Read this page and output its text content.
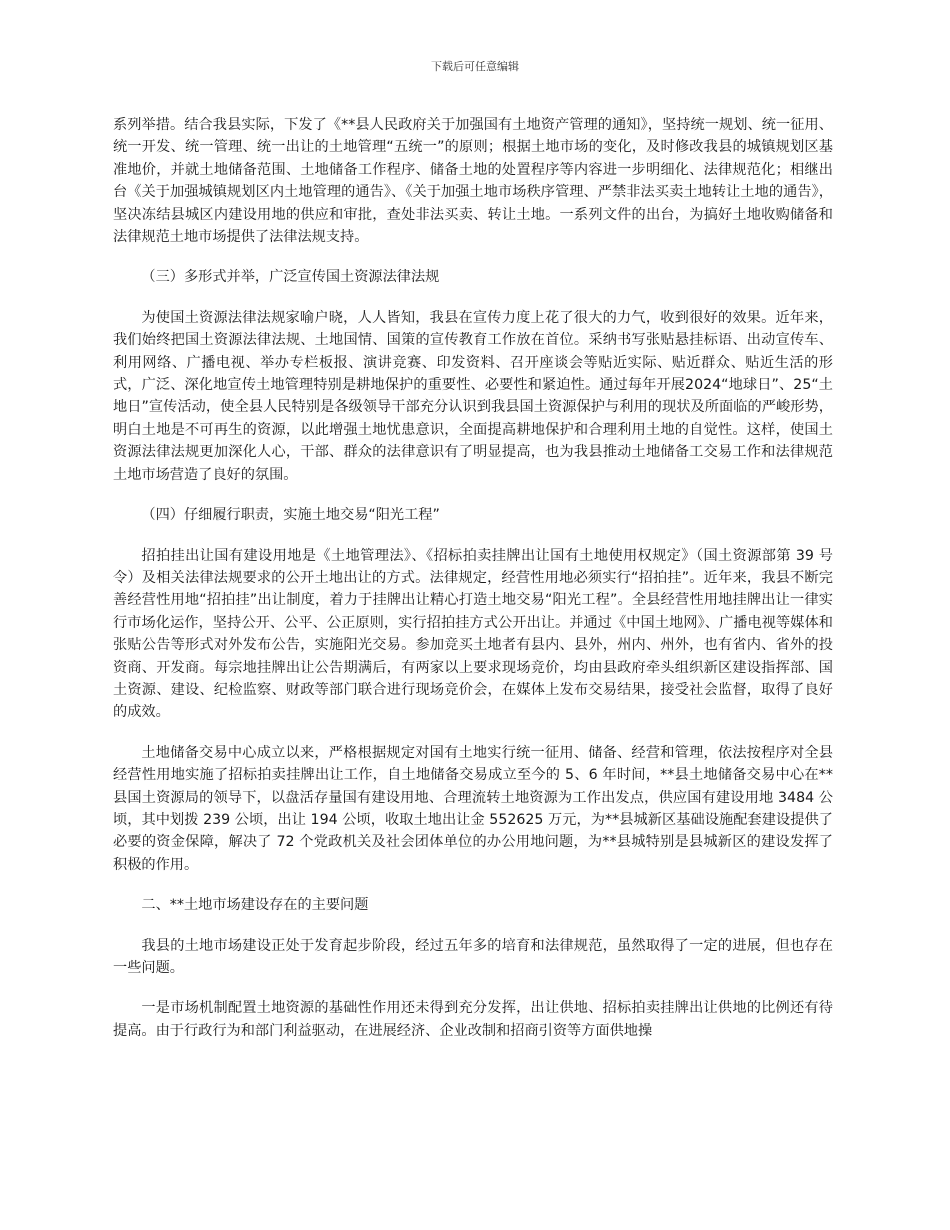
下载后可任意编辑

系列举措。结合我县实际，下发了《**县人民政府关于加强国有土地资产管理的通知》，坚持统一规划、统一征用、统一开发、统一管理、统一出让的土地管理“五统一”的原则；根据土地市场的变化，及时修改我县的城镇规划区基准地价，并就土地储备范围、土地储备工作程序、储备土地的处置程序等内容进一步明细化、法律规范化；相继出台《关于加强城镇规划区内土地管理的通告》、《关于加强土地市场秩序管理、严禁非法买卖土地转让土地的通告》，坚决冻结县城区内建设用地的供应和审批，查处非法买卖、转让土地。一系列文件的出台，为搞好土地收购储备和法律规范土地市场提供了法律法规支持。

（三）多形式并举，广泛宣传国土资源法律法规

为使国土资源法律法规家喻户晓，人人皆知，我县在宣传力度上花了很大的力气，收到很好的效果。近年来，我们始终把国土资源法律法规、土地国情、国策的宣传教育工作放在首位。采纳书写张贴悬挂标语、出动宣传车、利用网络、广播电视、举办专栏板报、演讲竞赛、印发资料、召开座谈会等贴近实际、贴近群众、贴近生活的形式，广泛、深化地宣传土地管理特别是耕地保护的重要性、必要性和紧迫性。通过每年开展2024“地球日”、25“土地日”宣传活动，使全县人民特别是各级领导干部充分认识到我县国土资源保护与利用的现状及所面临的严峻形势，明白土地是不可再生的资源，以此增强土地忧患意识，全面提高耕地保护和合理利用土地的自觉性。这样，使国土资源法律法规更加深化人心，干部、群众的法律意识有了明显提高，也为我县推动土地储备工交易工作和法律规范土地市场营造了良好的氛围。

（四）仔细履行职责，实施土地交易“阳光工程”

招拍挂出让国有建设用地是《土地管理法》、《招标拍卖挂牌出让国有土地使用权规定》（国土资源部第 39 号令）及相关法律法规要求的公开土地出让的方式。法律规定，经营性用地必须实行“招拍挂”。近年来，我县不断完善经营性用地“招拍挂”出让制度，着力于挂牌出让精心打造土地交易“阳光工程”。全县经营性用地挂牌出让一律实行市场化运作，坚持公开、公平、公正原则，实行招拍挂方式公开出让。并通过《中国土地网》、广播电视等媒体和张贴公告等形式对外发布公告，实施阳光交易。参加竞买土地者有县内、县外，州内、州外，也有省内、省外的投资商、开发商。每宗地挂牌出让公告期满后，有两家以上要求现场竞价，均由县政府牵头组织新区建设指挥部、国土资源、建设、纪检监察、财政等部门联合进行现场竞价会，在媒体上发布交易结果，接受社会监督，取得了良好的成效。

土地储备交易中心成立以来，严格根据规定对国有土地实行统一征用、储备、经营和管理，依法按程序对全县经营性用地实施了招标拍卖挂牌出让工作，自土地储备交易成立至今的 5、6 年时间，**县土地储备交易中心在**县国土资源局的领导下，以盘活存量国有建设用地、合理流转土地资源为工作出发点，供应国有建设用地 3484 公顷，其中划拨 239 公顷，出让 194 公顷，收取土地出让金 552625 万元，为**县城新区基础设施配套建设提供了必要的资金保障，解决了 72 个党政机关及社会团体单位的办公用地问题，为**县城特别是县城新区的建设发挥了积极的作用。

二、**土地市场建设存在的主要问题

我县的土地市场建设正处于发育起步阶段，经过五年多的培育和法律规范，虽然取得了一定的进展，但也存在一些问题。

一是市场机制配置土地资源的基础性作用还未得到充分发挥，出让供地、招标拍卖挂牌出让供地的比例还有待提高。由于行政行为和部门利益驱动，在进展经济、企业改制和招商引资等方面供地操
